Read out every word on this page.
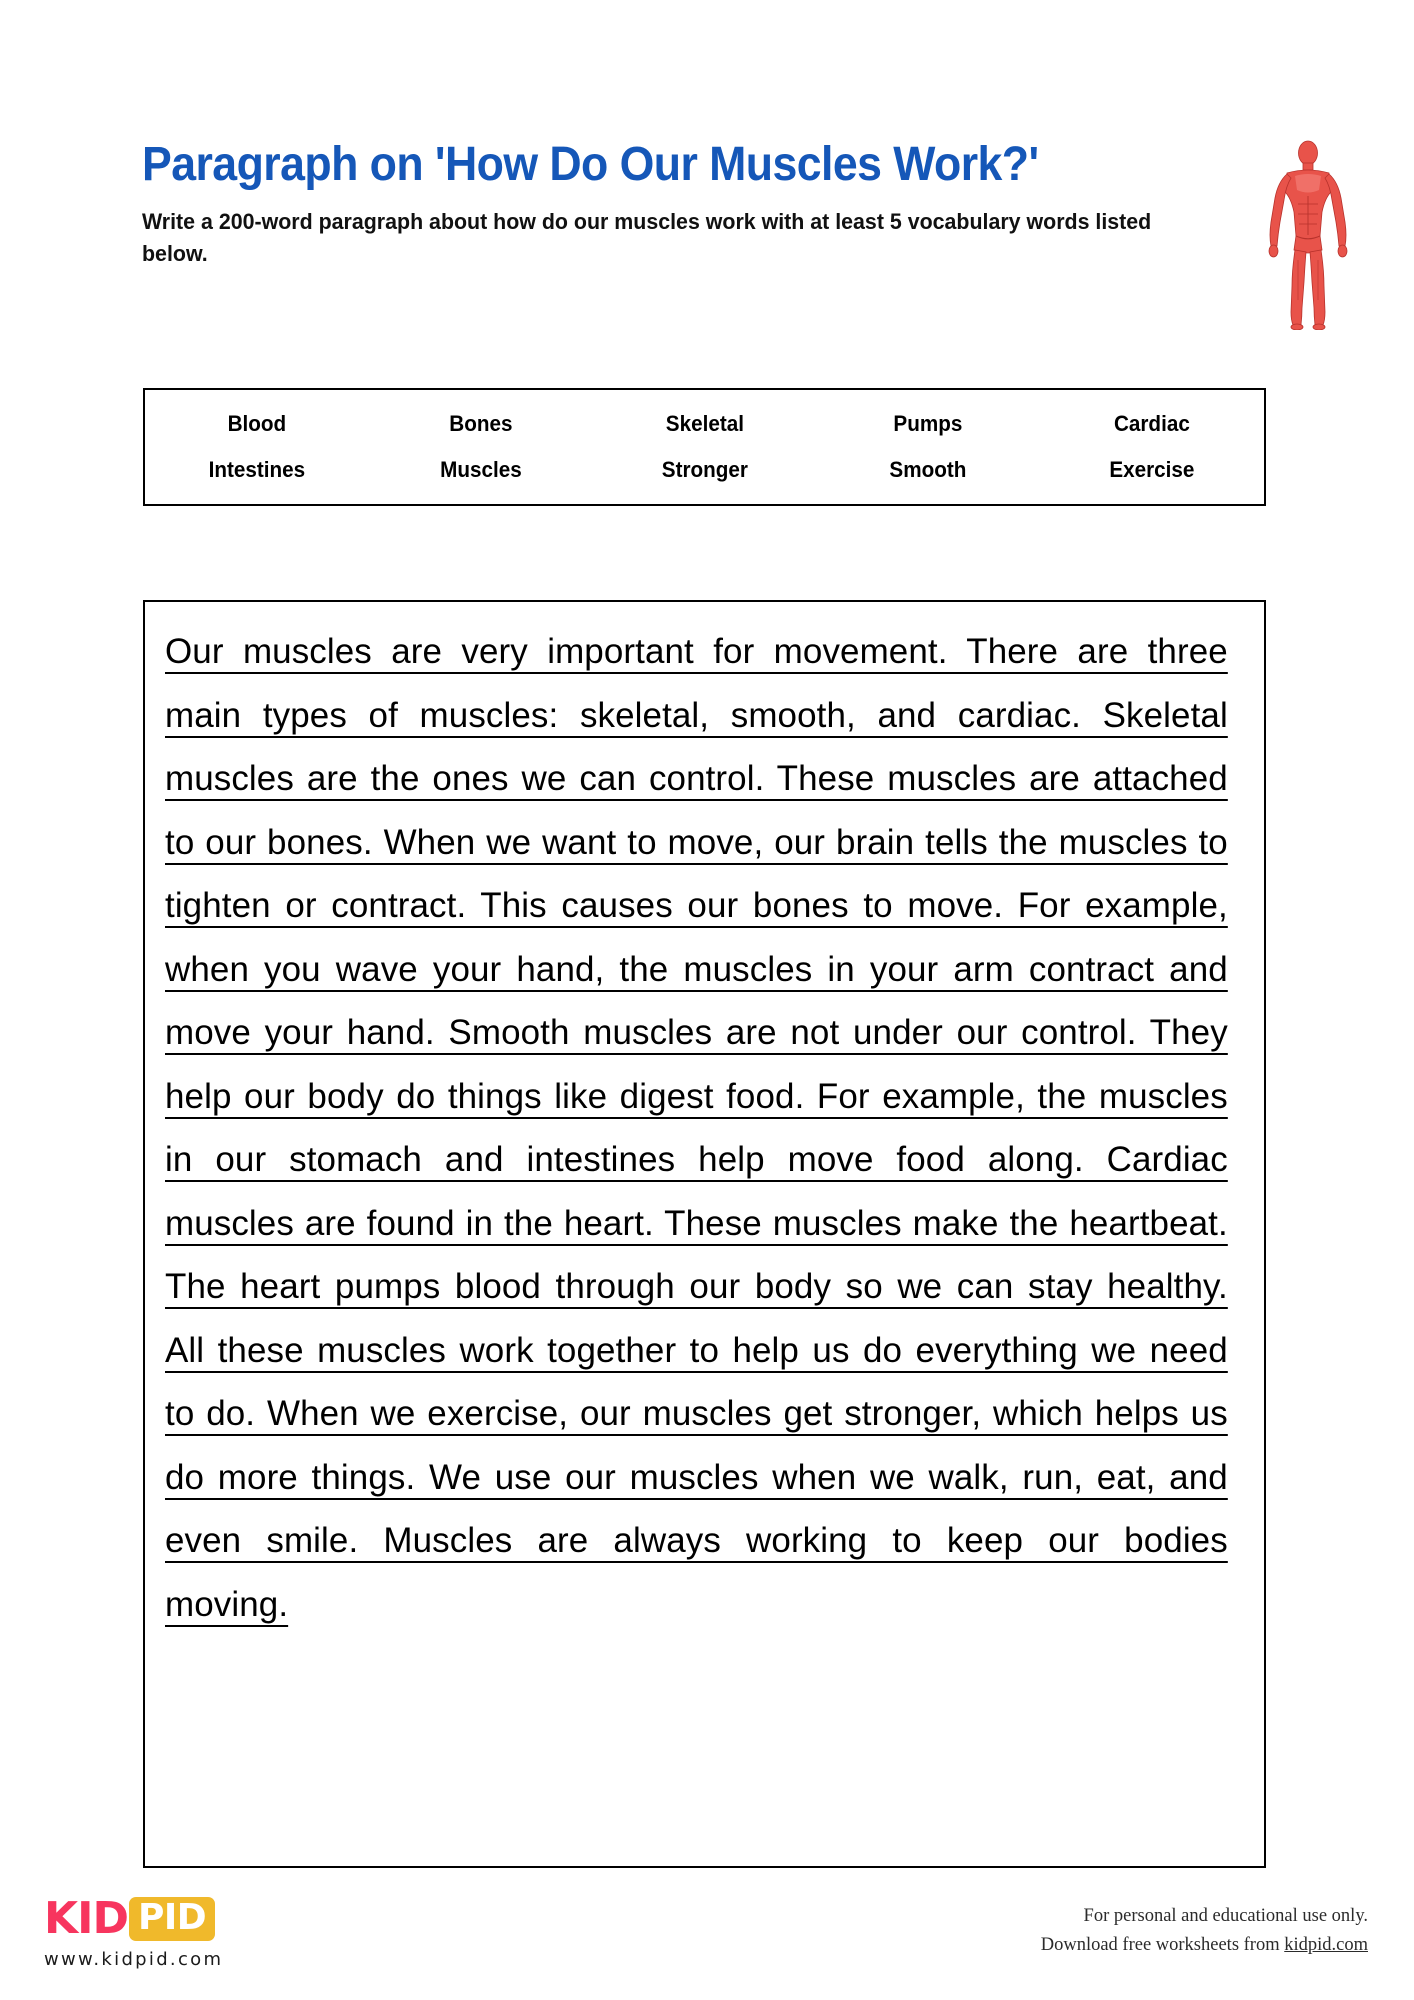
Paragraph on 'How Do Our Muscles Work?'

Write a 200-word paragraph about how do our muscles work with at least 5 vocabulary words listed below.

Blood	Bones	Skeletal	Pumps	Cardiac
Intestines	Muscles	Stronger	Smooth	Exercise

Our muscles are very important for movement. There are three main types of muscles: skeletal, smooth, and cardiac. Skeletal muscles are the ones we can control. These muscles are attached to our bones. When we want to move, our brain tells the muscles to tighten or contract. This causes our bones to move. For example, when you wave your hand, the muscles in your arm contract and move your hand. Smooth muscles are not under our control. They help our body do things like digest food. For example, the muscles in our stomach and intestines help move food along. Cardiac muscles are found in the heart. These muscles make the heartbeat. The heart pumps blood through our body so we can stay healthy. All these muscles work together to help us do everything we need to do. When we exercise, our muscles get stronger, which helps us do more things. We use our muscles when we walk, run, eat, and even smile. Muscles are always working to keep our bodies moving.

KID PID
www.kidpid.com
For personal and educational use only.
Download free worksheets from kidpid.com
